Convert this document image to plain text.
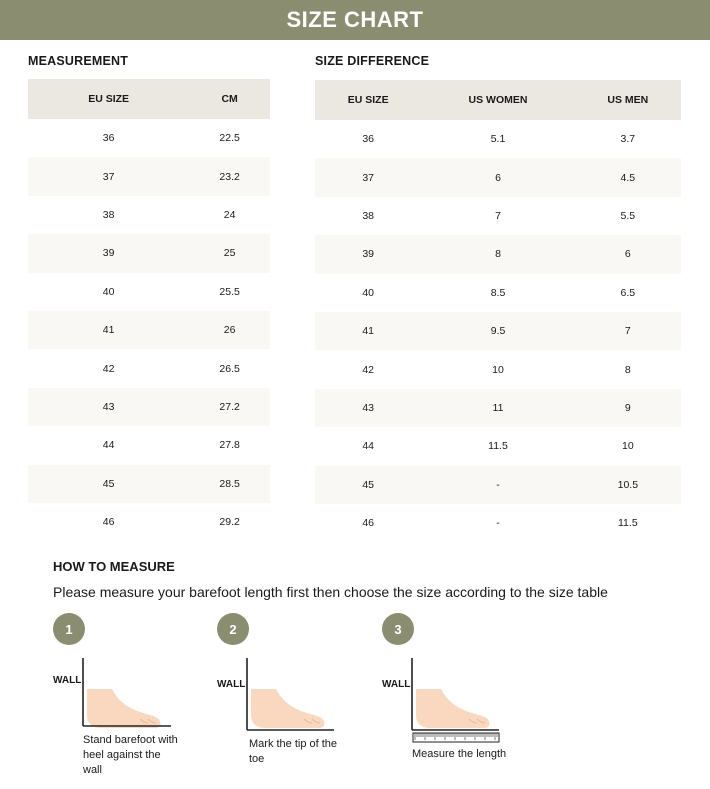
SIZE CHART
MEASUREMENT	SIZE DIFFERENCE
EU SIZE	CM
36	22.5
37	23.2
38	24
39	25
40	25.5
41	26
42	26.5
43	27.2
44	27.8
45	28.5
46	29.2
EU SIZE	US WOMEN	US MEN
36	5.1	3.7
37	6	4.5
38	7	5.5
39	8	6
40	8.5	6.5
41	9.5	7
42	10	8
43	11	9
44	11.5	10
45	-	10.5
46	-	11.5
HOW TO MEASURE
Please measure your barefoot length first then choose the size according to the size table
1
WALL
Stand barefoot with heel against the wall
2
WALL
Mark the tip of the toe
3
WALL
Measure the length
